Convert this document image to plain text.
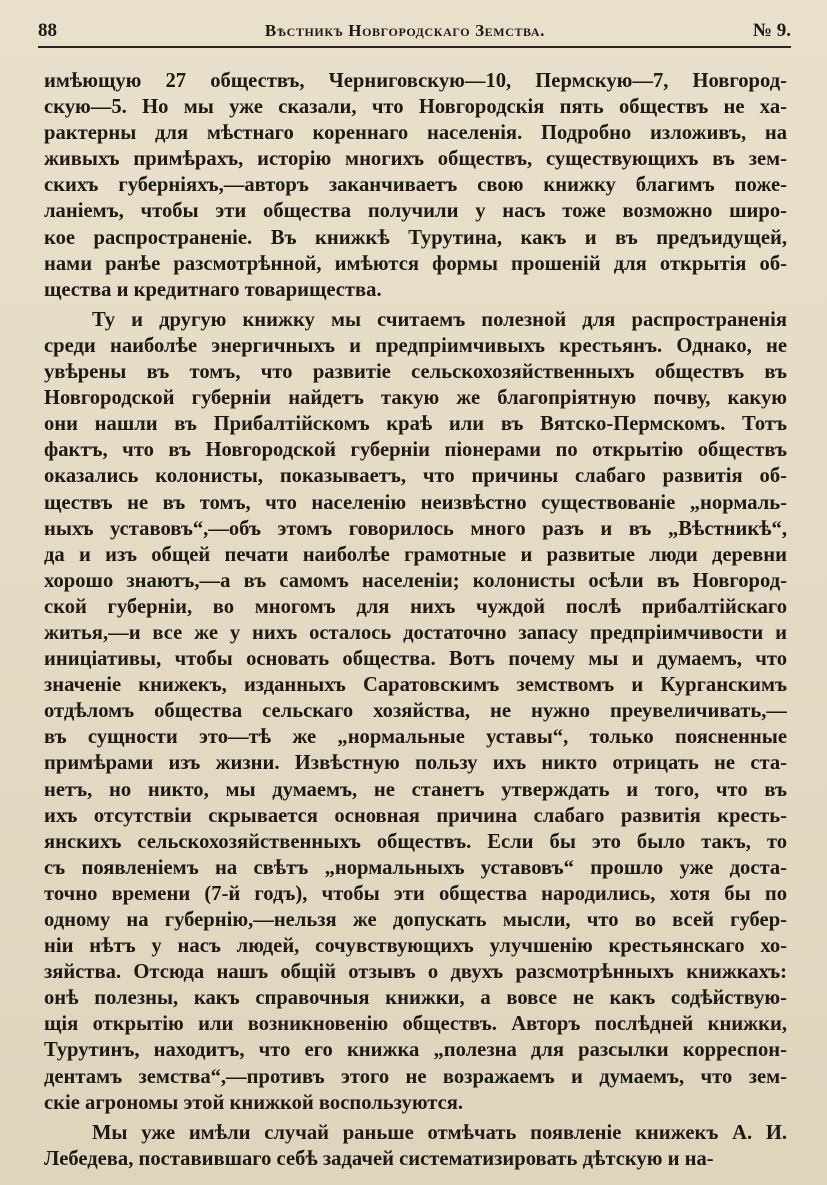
88	Вѣстникъ Новгородскаго Земства.	№ 9.
имѣющую 27 обществъ, Черниговскую—10, Пермскую—7, Новгород-
скую—5. Но мы уже сказали, что Новгородскія пять обществъ не ха-
рактерны для мѣстнаго кореннаго населенія. Подробно изложивъ, на
живыхъ примѣрахъ, исторію многихъ обществъ, существующихъ въ зем-
скихъ губерніяхъ,—авторъ заканчиваетъ свою книжку благимъ поже-
ланіемъ, чтобы эти общества получили у насъ тоже возможно широ-
кое распространеніе. Въ книжкѣ Турутина, какъ и въ предъидущей,
нами ранѣе разсмотрѣнной, имѣются формы прошеній для открытія об-
щества и кредитнаго товарищества.
Ту и другую книжку мы считаемъ полезной для распространенія
среди наиболѣе энергичныхъ и предпріимчивыхъ крестьянъ. Однако, не
увѣрены въ томъ, что развитіе сельскохозяйственныхъ обществъ въ
Новгородской губерніи найдетъ такую же благопріятную почву, какую
они нашли въ Прибалтійскомъ краѣ или въ Вятско-Пермскомъ. Тотъ
фактъ, что въ Новгородской губерніи піонерами по открытію обществъ
оказались колонисты, показываетъ, что причины слабаго развитія об-
ществъ не въ томъ, что населенію неизвѣстно существованіе „нормаль-
ныхъ уставовъ“,—объ этомъ говорилось много разъ и въ „Вѣстникѣ“,
да и изъ общей печати наиболѣе грамотные и развитые люди деревни
хорошо знаютъ,—а въ самомъ населеніи; колонисты осѣли въ Новгород-
ской губерніи, во многомъ для нихъ чуждой послѣ прибалтійскаго
житья,—и все же у нихъ осталось достаточно запасу предпріимчивости и
иниціативы, чтобы основать общества. Вотъ почему мы и думаемъ, что
значеніе книжекъ, изданныхъ Саратовскимъ земствомъ и Курганскимъ
отдѣломъ общества сельскаго хозяйства, не нужно преувеличивать,—
въ сущности это—тѣ же „нормальные уставы“, только поясненные
примѣрами изъ жизни. Извѣстную пользу ихъ никто отрицать не ста-
нетъ, но никто, мы думаемъ, не станетъ утверждать и того, что въ
ихъ отсутствіи скрывается основная причина слабаго развитія кресть-
янскихъ сельскохозяйственныхъ обществъ. Если бы это было такъ, то
съ появленіемъ на свѣтъ „нормальныхъ уставовъ“ прошло уже доста-
точно времени (7-й годъ), чтобы эти общества народились, хотя бы по
одному на губернію,—нельзя же допускать мысли, что во всей губер-
ніи нѣтъ у насъ людей, сочувствующихъ улучшенію крестьянскаго хо-
зяйства. Отсюда нашъ общій отзывъ о двухъ разсмотрѣнныхъ книжкахъ:
онѣ полезны, какъ справочныя книжки, а вовсе не какъ содѣйствую-
щія открытію или возникновенію обществъ. Авторъ послѣдней книжки,
Турутинъ, находитъ, что его книжка „полезна для разсылки корреспон-
дентамъ земства“,—противъ этого не возражаемъ и думаемъ, что зем-
скіе агрономы этой книжкой воспользуются.
Мы уже имѣли случай раньше отмѣчать появленіе книжекъ А. И.
Лебедева, поставившаго себѣ задачей систематизировать дѣтскую и на-
